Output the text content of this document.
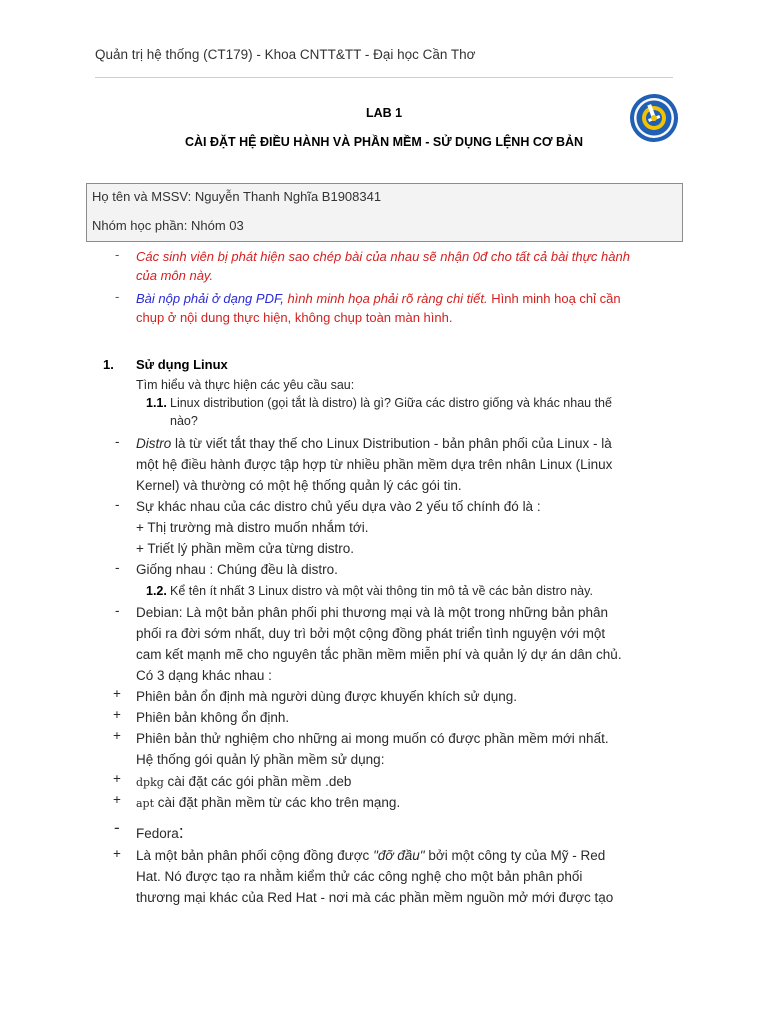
Quản trị hệ thống (CT179) - Khoa CNTT&TT - Đại học Cần Thơ
LAB 1
CÀI ĐẶT HỆ ĐIỀU HÀNH VÀ PHẦN MỀM - SỬ DỤNG LỆNH CƠ BẢN
Họ tên và MSSV: Nguyễn Thanh Nghĩa B1908341
Nhóm học phần: Nhóm 03
- Các sinh viên bị phát hiện sao chép bài của nhau sẽ nhận 0đ cho tất cả bài thực hành
của môn này.
- Bài nộp phải ở dạng PDF, hình minh họa phải rõ ràng chi tiết. Hình minh hoạ chỉ cần
chụp ở nội dung thực hiện, không chụp toàn màn hình.
1. Sử dụng Linux
Tìm hiểu và thực hiện các yêu cầu sau:
1.1. Linux distribution (gọi tắt là distro) là gì? Giữa các distro giống và khác nhau thế
nào?
- Distro là từ viết tắt thay thế cho Linux Distribution - bản phân phối của Linux - là
một hệ điều hành được tập hợp từ nhiều phần mềm dựa trên nhân Linux (Linux
Kernel) và thường có một hệ thống quản lý các gói tin.
- Sự khác nhau của các distro chủ yếu dựa vào 2 yếu tố chính đó là :
+ Thị trường mà distro muốn nhắm tới.
+ Triết lý phần mềm cửa từng distro.
- Giống nhau : Chúng đều là distro.
1.2. Kể tên ít nhất 3 Linux distro và một vài thông tin mô tả về các bản distro này.
- Debian: Là một bản phân phối phi thương mại và là một trong những bản phân
phối ra đời sớm nhất, duy trì bởi một cộng đồng phát triển tình nguyện với một
cam kết mạnh mẽ cho nguyên tắc phần mềm miễn phí và quản lý dự án dân chủ.
Có 3 dạng khác nhau :
+ Phiên bản ổn định mà người dùng được khuyến khích sử dụng.
+ Phiên bản không ổn định.
+ Phiên bản thử nghiệm cho những ai mong muốn có được phần mềm mới nhất.
Hệ thống gói quản lý phần mềm sử dụng:
+ dpkg cài đặt các gói phần mềm .deb
+ apt cài đặt phần mềm từ các kho trên mạng.
- Fedora:
+ Là một bản phân phối cộng đồng được "đỡ đầu" bởi một công ty của Mỹ - Red
Hat. Nó được tạo ra nhằm kiểm thử các công nghệ cho một bản phân phối
thương mại khác của Red Hat - nơi mà các phần mềm nguồn mở mới được tạo
